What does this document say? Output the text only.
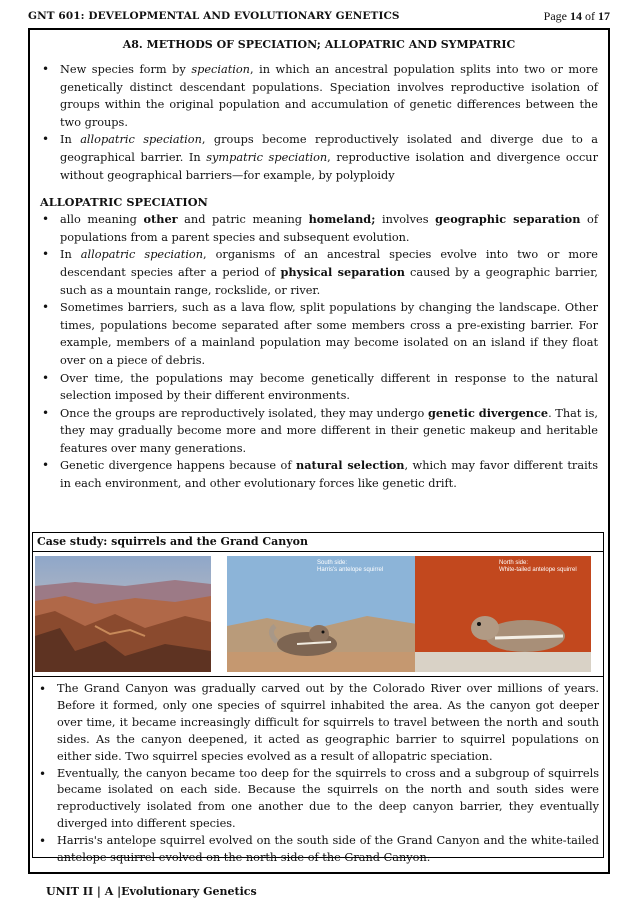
GNT 601: DEVELOPMENTAL AND EVOLUTIONARY GENETICS	Page 14 of 17
A8. METHODS OF SPECIATION; ALLOPATRIC AND SYMPATRIC
• New species form by speciation, in which an ancestral population splits into two or more genetically distinct descendant populations. Speciation involves reproductive isolation of groups within the original population and accumulation of genetic differences between the two groups.
• In allopatric speciation, groups become reproductively isolated and diverge due to a geographical barrier. In sympatric speciation, reproductive isolation and divergence occur without geographical barriers—for example, by polyploidy
ALLOPATRIC SPECIATION
• allo meaning other and patric meaning homeland; involves geographic separation of populations from a parent species and subsequent evolution.
• In allopatric speciation, organisms of an ancestral species evolve into two or more descendant species after a period of physical separation caused by a geographic barrier, such as a mountain range, rockslide, or river.
• Sometimes barriers, such as a lava flow, split populations by changing the landscape. Other times, populations become separated after some members cross a pre-existing barrier. For example, members of a mainland population may become isolated on an island if they float over on a piece of debris.
• Over time, the populations may become genetically different in response to the natural selection imposed by their different environments.
• Once the groups are reproductively isolated, they may undergo genetic divergence. That is, they may gradually become more and more different in their genetic makeup and heritable features over many generations.
• Genetic divergence happens because of natural selection, which may favor different traits in each environment, and other evolutionary forces like genetic drift.
Case study: squirrels and the Grand Canyon
South side:
Harris's antelope squirrel
North side:
White-tailed antelope squirrel
• The Grand Canyon was gradually carved out by the Colorado River over millions of years. Before it formed, only one species of squirrel inhabited the area. As the canyon got deeper over time, it became increasingly difficult for squirrels to travel between the north and south sides. As the canyon deepened, it acted as geographic barrier to squirrel populations on either side. Two squirrel species evolved as a result of allopatric speciation.
• Eventually, the canyon became too deep for the squirrels to cross and a subgroup of squirrels became isolated on each side. Because the squirrels on the north and south sides were reproductively isolated from one another due to the deep canyon barrier, they eventually diverged into different species.
• Harris's antelope squirrel evolved on the south side of the Grand Canyon and the white-tailed antelope squirrel evolved on the north side of the Grand Canyon.
UNIT II | A |Evolutionary Genetics
